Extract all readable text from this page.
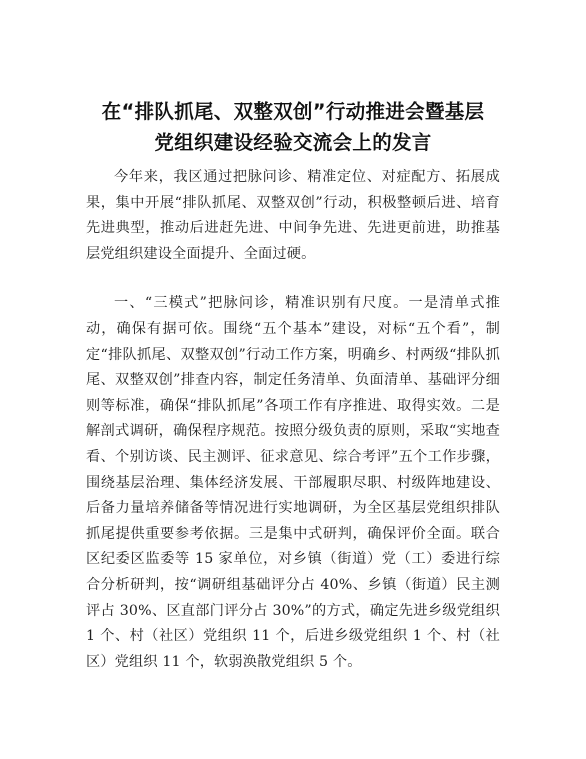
在“排队抓尾、双整双创”行动推进会暨基层
党组织建设经验交流会上的发言

今年来，我区通过把脉问诊、精准定位、对症配方、拓展成果，集中开展“排队抓尾、双整双创”行动，积极整顿后进、培育先进典型，推动后进赶先进、中间争先进、先进更前进，助推基层党组织建设全面提升、全面过硬。

一、“三模式”把脉问诊，精准识别有尺度。一是清单式推动，确保有据可依。围绕“五个基本”建设，对标“五个看”，制定“排队抓尾、双整双创”行动工作方案，明确乡、村两级“排队抓尾、双整双创”排查内容，制定任务清单、负面清单、基础评分细则等标准，确保“排队抓尾”各项工作有序推进、取得实效。二是解剖式调研，确保程序规范。按照分级负责的原则，采取“实地查看、个别访谈、民主测评、征求意见、综合考评”五个工作步骤，围绕基层治理、集体经济发展、干部履职尽职、村级阵地建设、后备力量培养储备等情况进行实地调研，为全区基层党组织排队抓尾提供重要参考依据。三是集中式研判，确保评价全面。联合区纪委区监委等 15 家单位，对乡镇（街道）党（工）委进行综合分析研判，按“调研组基础评分占 40%、乡镇（街道）民主测评占 30%、区直部门评分占 30%”的方式，确定先进乡级党组织 1 个、村（社区）党组织 11 个，后进乡级党组织 1 个、村（社区）党组织 11 个，软弱涣散党组织 5 个。
